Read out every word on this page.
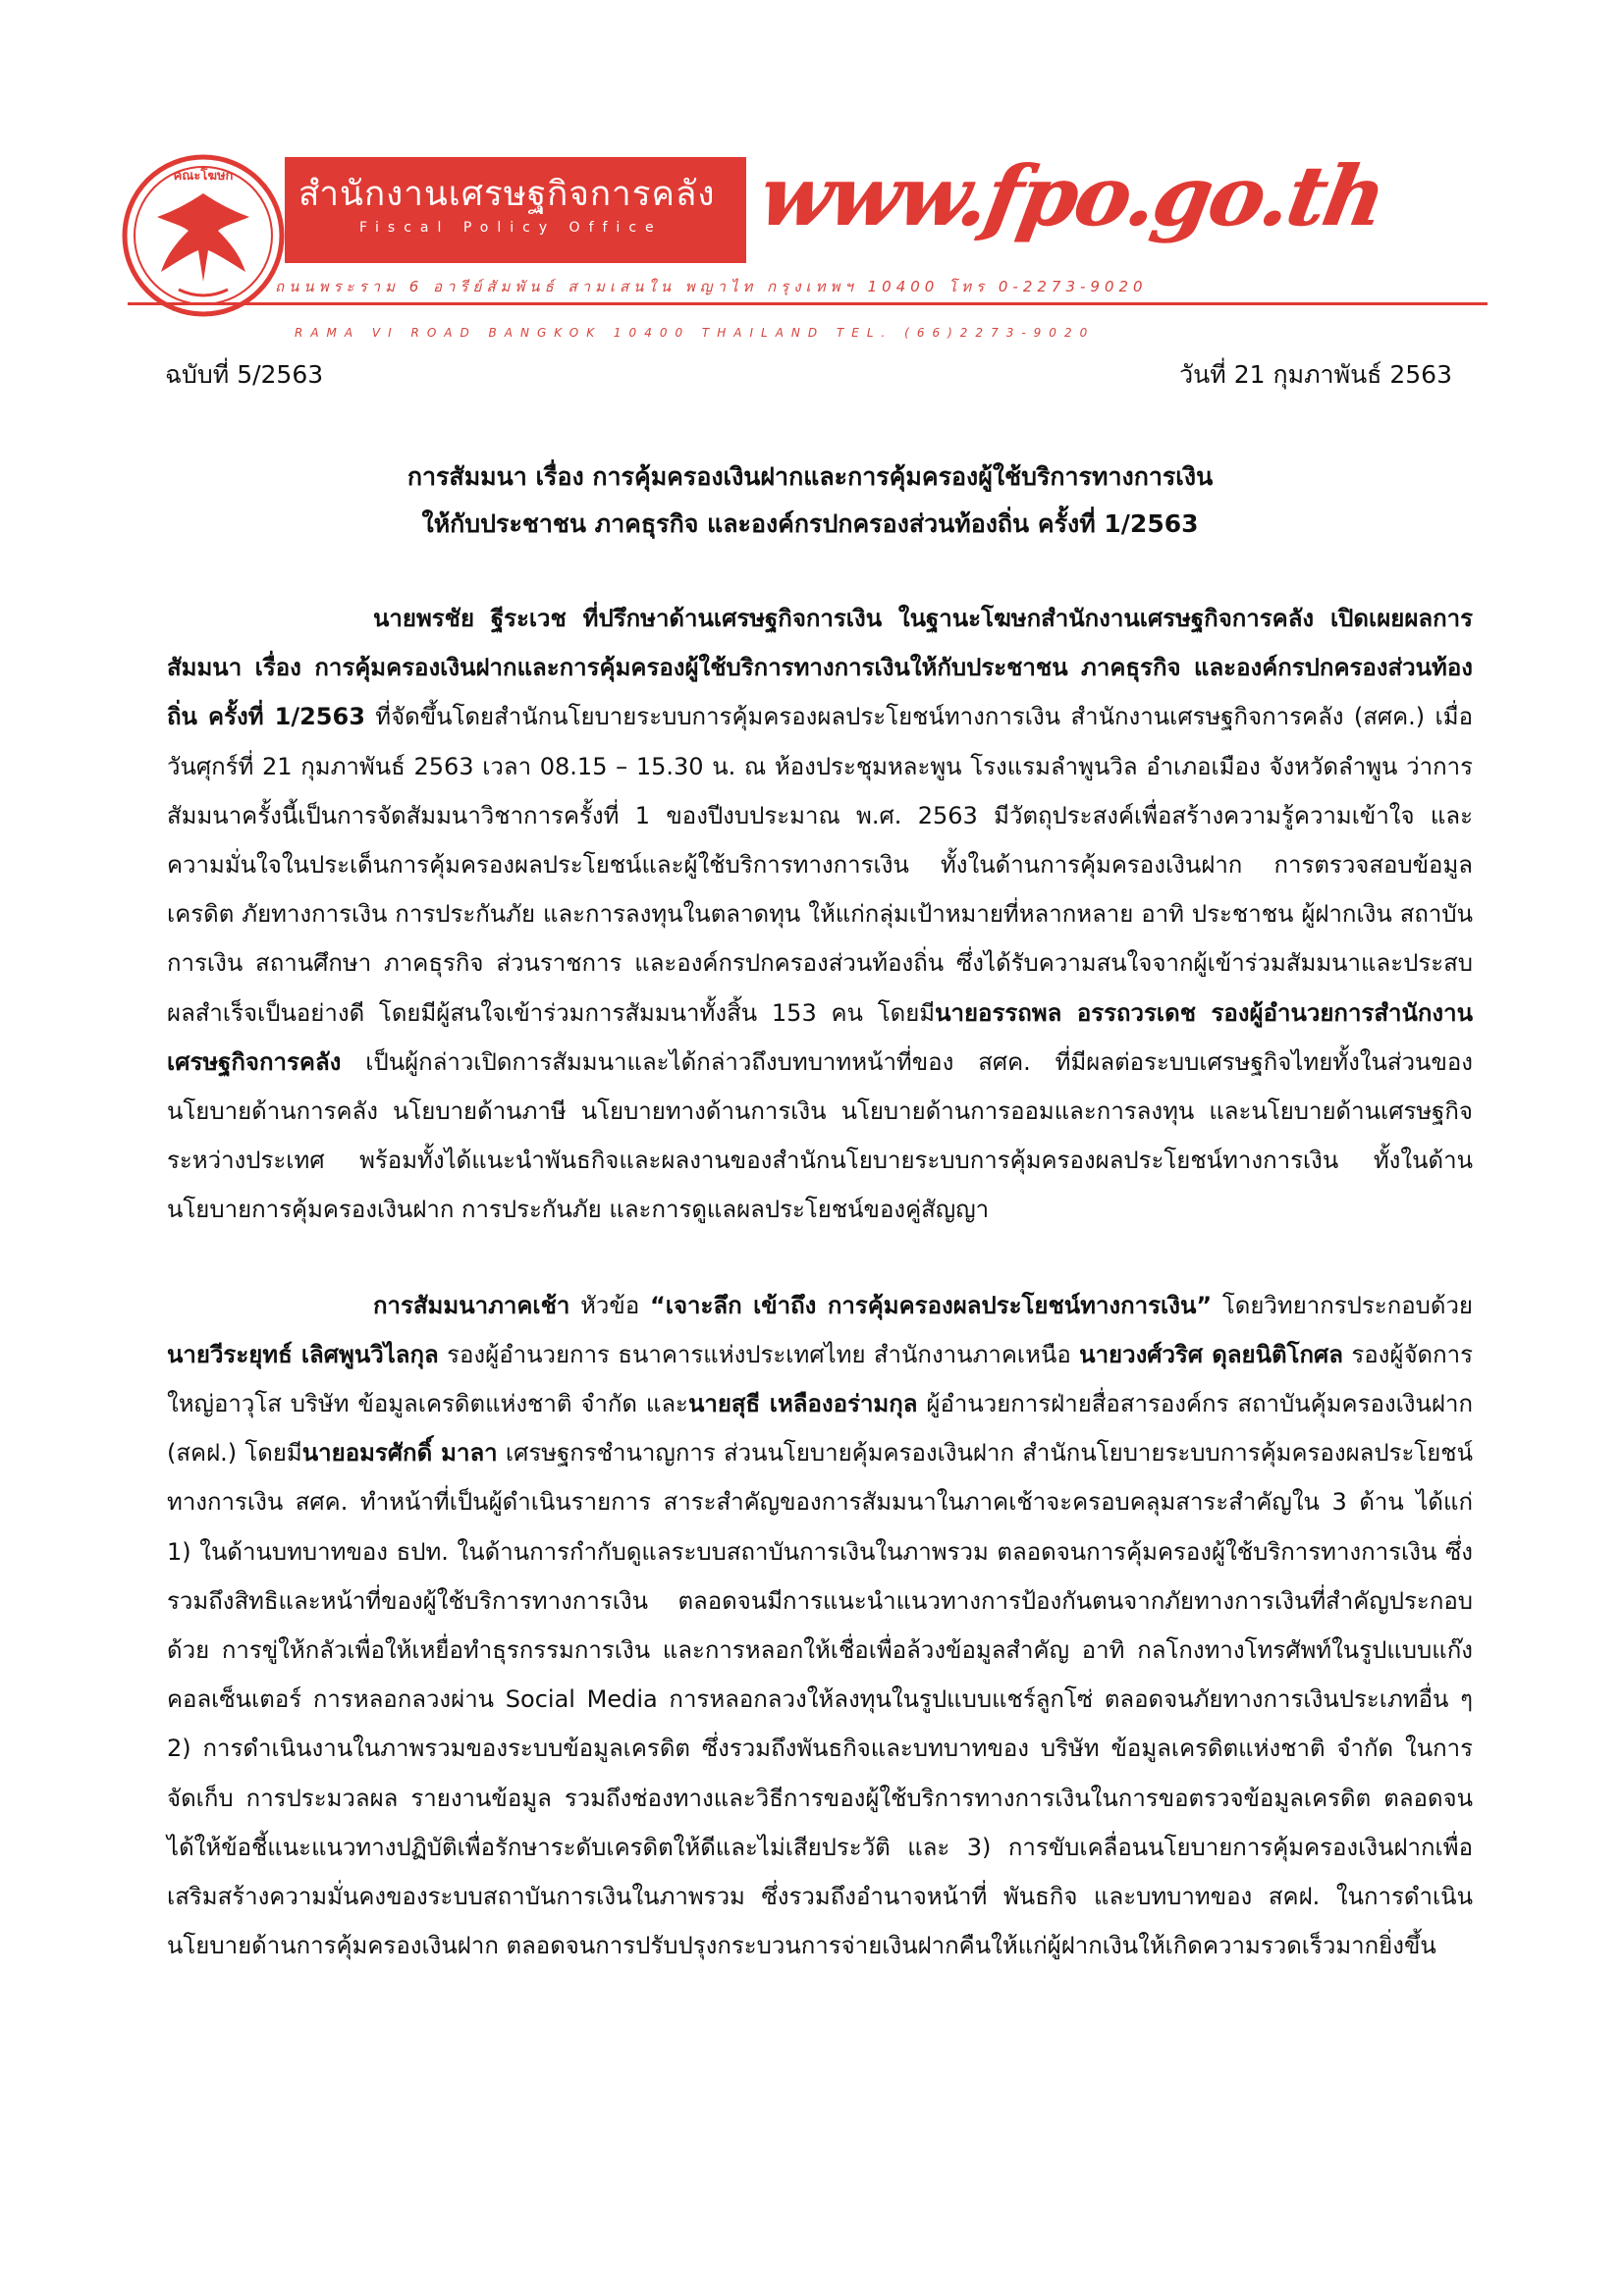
คณะโฆษก สำนักงานเศรษฐกิจการคลัง
Fiscal Policy Office www.fpo.go.th
ถนนพระราม 6 อารีย์สัมพันธ์ สามเสนใน พญาไท กรุงเทพฯ 10400 โทร 0-2273-9020
RAMA VI ROAD BANGKOK 10400 THAILAND TEL. (66)2273-9020
ฉบับที่ 5/2563	วันที่ 21 กุมภาพันธ์ 2563
การสัมมนา เรื่อง การคุ้มครองเงินฝากและการคุ้มครองผู้ใช้บริการทางการเงิน
ให้กับประชาชน ภาคธุรกิจ และองค์กรปกครองส่วนท้องถิ่น ครั้งที่ 1/2563

นายพรชัย ฐีระเวช ที่ปรึกษาด้านเศรษฐกิจการเงิน ในฐานะโฆษกสำนักงานเศรษฐกิจการคลัง เปิดเผยผลการสัมมนา เรื่อง การคุ้มครองเงินฝากและการคุ้มครองผู้ใช้บริการทางการเงินให้กับประชาชน ภาคธุรกิจ และองค์กรปกครองส่วนท้องถิ่น ครั้งที่ 1/2563 ที่จัดขึ้นโดยสำนักนโยบายระบบการคุ้มครองผลประโยชน์ทางการเงิน สำนักงานเศรษฐกิจการคลัง (สศค.) เมื่อวันศุกร์ที่ 21 กุมภาพันธ์ 2563 เวลา 08.15 – 15.30 น. ณ ห้องประชุมหละพูน โรงแรมลำพูนวิล อำเภอเมือง จังหวัดลำพูน ว่าการสัมมนาครั้งนี้เป็นการจัดสัมมนาวิชาการครั้งที่ 1 ของปีงบประมาณ พ.ศ. 2563 มีวัตถุประสงค์เพื่อสร้างความรู้ความเข้าใจ และความมั่นใจในประเด็นการคุ้มครองผลประโยชน์และผู้ใช้บริการทางการเงิน ทั้งในด้านการคุ้มครองเงินฝาก การตรวจสอบข้อมูลเครดิต ภัยทางการเงิน การประกันภัย และการลงทุนในตลาดทุน ให้แก่กลุ่มเป้าหมายที่หลากหลาย อาทิ ประชาชน ผู้ฝากเงิน สถาบันการเงิน สถานศึกษา ภาคธุรกิจ ส่วนราชการ และองค์กรปกครองส่วนท้องถิ่น ซึ่งได้รับความสนใจจากผู้เข้าร่วมสัมมนาและประสบผลสำเร็จเป็นอย่างดี โดยมีผู้สนใจเข้าร่วมการสัมมนาทั้งสิ้น 153 คน โดยมีนายอรรถพล อรรถวรเดช รองผู้อำนวยการสำนักงานเศรษฐกิจการคลัง เป็นผู้กล่าวเปิดการสัมมนาและได้กล่าวถึงบทบาทหน้าที่ของ สศค. ที่มีผลต่อระบบเศรษฐกิจไทยทั้งในส่วนของนโยบายด้านการคลัง นโยบายด้านภาษี นโยบายทางด้านการเงิน นโยบายด้านการออมและการลงทุน และนโยบายด้านเศรษฐกิจระหว่างประเทศ พร้อมทั้งได้แนะนำพันธกิจและผลงานของสำนักนโยบายระบบการคุ้มครองผลประโยชน์ทางการเงิน ทั้งในด้านนโยบายการคุ้มครองเงินฝาก การประกันภัย และการดูแลผลประโยชน์ของคู่สัญญา

การสัมมนาภาคเช้า หัวข้อ “เจาะลึก เข้าถึง การคุ้มครองผลประโยชน์ทางการเงิน” โดยวิทยากรประกอบด้วย นายวีระยุทธ์ เลิศพูนวิไลกุล รองผู้อำนวยการ ธนาคารแห่งประเทศไทย สำนักงานภาคเหนือ นายวงศ์วริศ ดุลยนิติโกศล รองผู้จัดการใหญ่อาวุโส บริษัท ข้อมูลเครดิตแห่งชาติ จำกัด และนายสุธี เหลืองอร่ามกุล ผู้อำนวยการฝ่ายสื่อสารองค์กร สถาบันคุ้มครองเงินฝาก (สคฝ.) โดยมีนายอมรศักดิ์ มาลา เศรษฐกรชำนาญการ ส่วนนโยบายคุ้มครองเงินฝาก สำนักนโยบายระบบการคุ้มครองผลประโยชน์ทางการเงิน สศค. ทำหน้าที่เป็นผู้ดำเนินรายการ สาระสำคัญของการสัมมนาในภาคเช้าจะครอบคลุมสาระสำคัญใน 3 ด้าน ได้แก่ 1) ในด้านบทบาทของ ธปท. ในด้านการกำกับดูแลระบบสถาบันการเงินในภาพรวม ตลอดจนการคุ้มครองผู้ใช้บริการทางการเงิน ซึ่งรวมถึงสิทธิและหน้าที่ของผู้ใช้บริการทางการเงิน ตลอดจนมีการแนะนำแนวทางการป้องกันตนจากภัยทางการเงินที่สำคัญประกอบด้วย การขู่ให้กลัวเพื่อให้เหยื่อทำธุรกรรมการเงิน และการหลอกให้เชื่อเพื่อล้วงข้อมูลสำคัญ อาทิ กลโกงทางโทรศัพท์ในรูปแบบแก๊งคอลเซ็นเตอร์ การหลอกลวงผ่าน Social Media การหลอกลวงให้ลงทุนในรูปแบบแชร์ลูกโซ่ ตลอดจนภัยทางการเงินประเภทอื่น ๆ 2) การดำเนินงานในภาพรวมของระบบข้อมูลเครดิต ซึ่งรวมถึงพันธกิจและบทบาทของ บริษัท ข้อมูลเครดิตแห่งชาติ จำกัด ในการจัดเก็บ การประมวลผล รายงานข้อมูล รวมถึงช่องทางและวิธีการของผู้ใช้บริการทางการเงินในการขอตรวจข้อมูลเครดิต ตลอดจนได้ให้ข้อชี้แนะแนวทางปฏิบัติเพื่อรักษาระดับเครดิตให้ดีและไม่เสียประวัติ และ 3) การขับเคลื่อนนโยบายการคุ้มครองเงินฝากเพื่อเสริมสร้างความมั่นคงของระบบสถาบันการเงินในภาพรวม ซึ่งรวมถึงอำนาจหน้าที่ พันธกิจ และบทบาทของ สคฝ. ในการดำเนินนโยบายด้านการคุ้มครองเงินฝาก ตลอดจนการปรับปรุงกระบวนการจ่ายเงินฝากคืนให้แก่ผู้ฝากเงินให้เกิดความรวดเร็วมากยิ่งขึ้น
